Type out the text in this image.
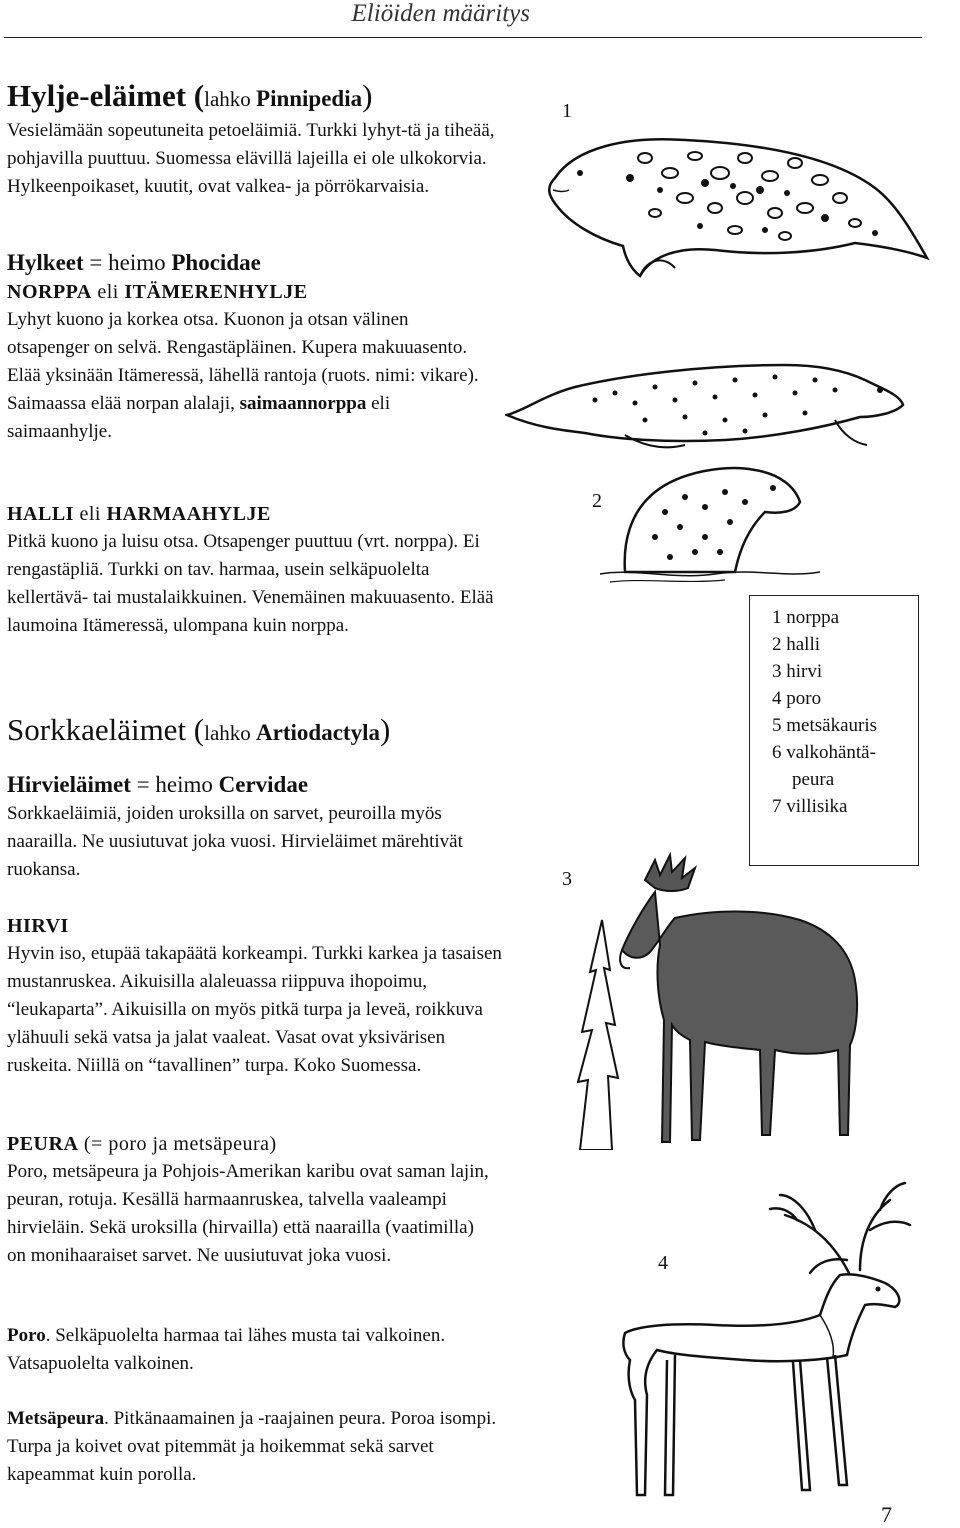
Eliöiden määritys
Hylje-eläimet (lahko Pinnipedia)

Vesielämään sopeutuneita petoeläimiä. Turkki lyhyt-tä ja tiheää, pohjavilla puuttuu. Suomessa elävillä lajeilla ei ole ulkokorvia. Hylkeenpoikaset, kuutit, ovat valkea- ja pörrökarvaisia.

Hylkeet = heimo Phocidae

NORPPA eli ITÄMERENHYLJE

Lyhyt kuono ja korkea otsa. Kuonon ja otsan välinen otsapenger on selvä. Rengastäpläinen. Kupera makuuasento. Elää yksinään Itämeressä, lähellä rantoja (ruots. nimi: vikare). Saimaassa elää norpan alalaji, saimaannorppa eli saimaanhylje.

HALLI eli HARMAAHYLJE

Pitkä kuono ja luisu otsa. Otsapenger puuttuu (vrt. norppa). Ei rengastäpliä. Turkki on tav. harmaa, usein selkäpuolelta kellertävä- tai mustalaikkuinen. Venemäinen makuuasento. Elää laumoina Itämeressä, ulompana kuin norppa.

Sorkkaeläimet (lahko Artiodactyla)

Hirvieläimet = heimo Cervidae

Sorkkaeläimiä, joiden uroksilla on sarvet, peuroilla myös naarailla. Ne uusiutuvat joka vuosi. Hirvieläimet märehtivät ruokansa.

HIRVI

Hyvin iso, etupää takapäätä korkeampi. Turkki karkea ja tasaisen mustanruskea. Aikuisilla alaleuassa riippuva ihopoimu, “leukaparta”. Aikuisilla on myös pitkä turpa ja leveä, roikkuva ylähuuli sekä vatsa ja jalat vaaleat. Vasat ovat yksivärisen ruskeita. Niillä on “tavallinen” turpa. Koko Suomessa.

PEURA (= poro ja metsäpeura)

Poro, metsäpeura ja Pohjois-Amerikan karibu ovat saman lajin, peuran, rotuja. Kesällä harmaanruskea, talvella vaaleampi hirvieläin. Sekä uroksilla (hirvailla) että naarailla (vaatimilla) on monihaaraiset sarvet. Ne uusiutuvat joka vuosi.

Poro. Selkäpuolelta harmaa tai lähes musta tai valkoinen. Vatsapuolelta valkoinen.

Metsäpeura. Pitkänaamainen ja -raajainen peura. Poroa isompi. Turpa ja koivet ovat pitemmät ja hoikemmat sekä sarvet kapeammat kuin porolla.

1
2
3
4
1 norppa
2 halli
3 hirvi
4 poro
5 metsäkauris
6 valkohäntä-
peura
7 villisika
7
